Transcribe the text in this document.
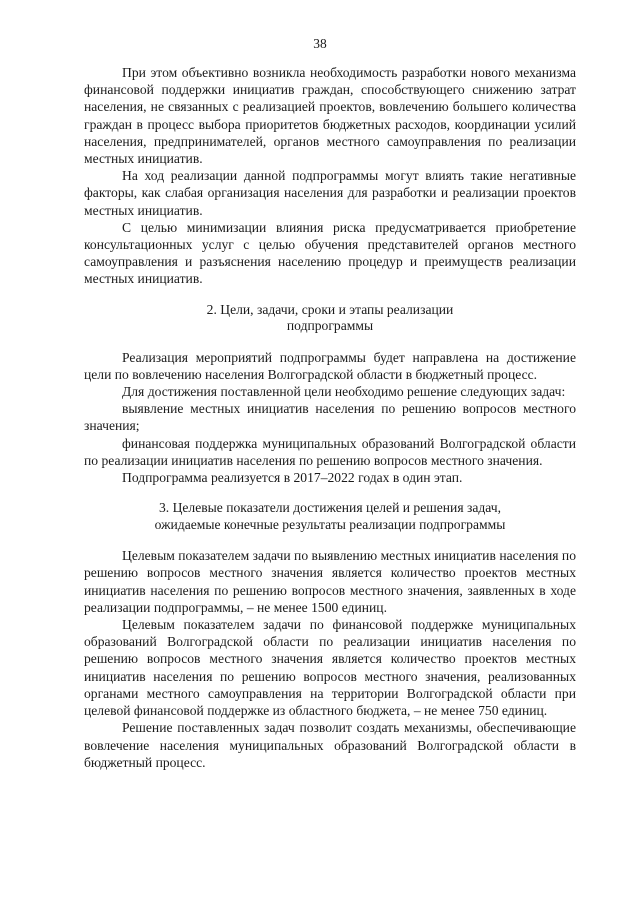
38

При этом объективно возникла необходимость разработки нового механизма финансовой поддержки инициатив граждан, способствующего снижению затрат населения, не связанных с реализацией проектов, вовлечению большего количества граждан в процесс выбора приоритетов бюджетных расходов, координации усилий населения, предпринимателей, органов местного самоуправления по реализации местных инициатив.

На ход реализации данной подпрограммы могут влиять такие негативные факторы, как слабая организация населения для разработки и реализации проектов местных инициатив.

С целью минимизации влияния риска предусматривается приобретение консультационных услуг с целью обучения представителей органов местного самоуправления и разъяснения населению процедур и преимуществ реализации местных инициатив.

2. Цели, задачи, сроки и этапы реализации
подпрограммы

Реализация мероприятий подпрограммы будет направлена на достижение цели по вовлечению населения Волгоградской области в бюджетный процесс.

Для достижения поставленной цели необходимо решение следующих задач:

выявление местных инициатив населения по решению вопросов местного значения;

финансовая поддержка муниципальных образований Волгоградской области по реализации инициатив населения по решению вопросов местного значения.

Подпрограмма реализуется в 2017–2022 годах в один этап.

3. Целевые показатели достижения целей и решения задач,
ожидаемые конечные результаты реализации подпрограммы

Целевым показателем задачи по выявлению местных инициатив населения по решению вопросов местного значения является количество проектов местных инициатив населения по решению вопросов местного значения, заявленных в ходе реализации подпрограммы, – не менее 1500 единиц.

Целевым показателем задачи по финансовой поддержке муниципальных образований Волгоградской области по реализации инициатив населения по решению вопросов местного значения является количество проектов местных инициатив населения по решению вопросов местного значения, реализованных органами местного самоуправления на территории Волгоградской области при целевой финансовой поддержке из областного бюджета, – не менее 750 единиц.

Решение поставленных задач позволит создать механизмы, обеспечивающие вовлечение населения муниципальных образований Волгоградской области в бюджетный процесс.
